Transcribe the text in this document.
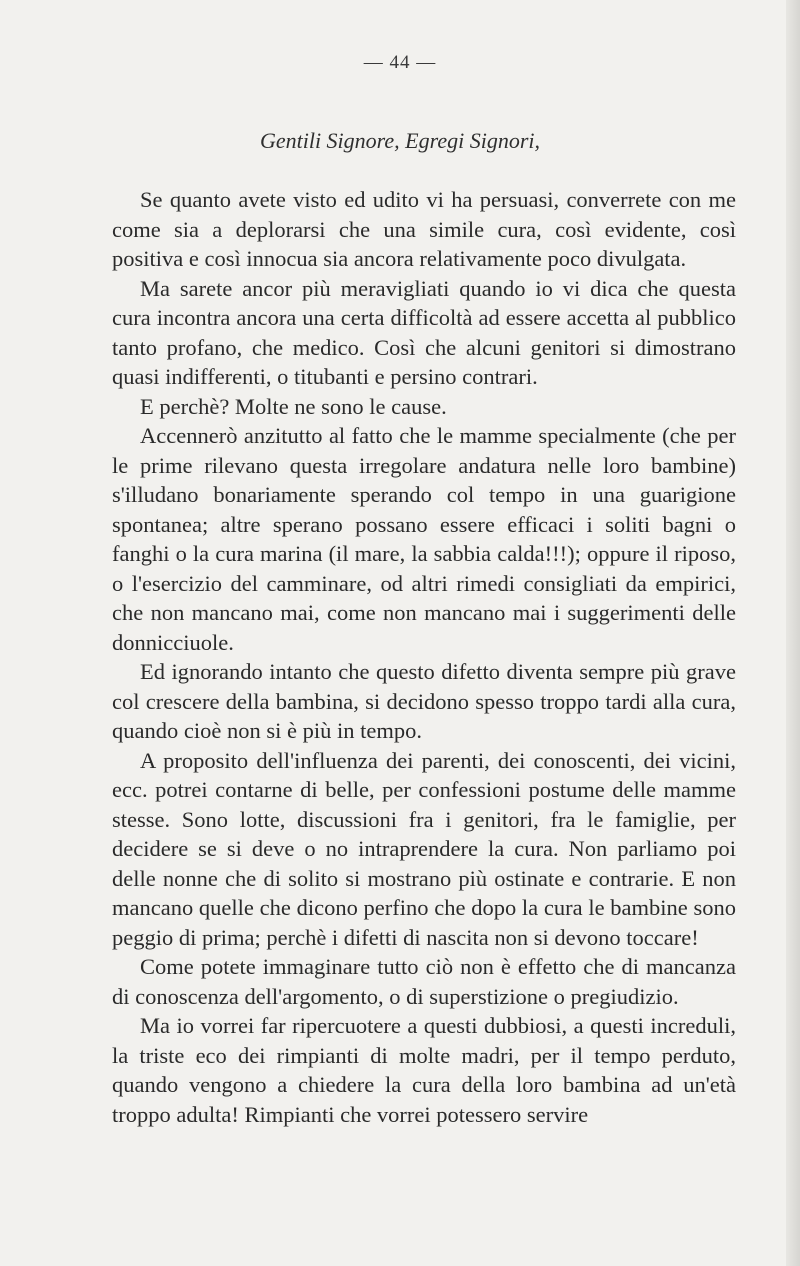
— 44 —
Gentili Signore, Egregi Signori,

Se quanto avete visto ed udito vi ha persuasi, converrete con me come sia a deplorarsi che una simile cura, così evidente, così positiva e così innocua sia ancora relativamente poco divulgata.

Ma sarete ancor più meravigliati quando io vi dica che questa cura incontra ancora una certa difficoltà ad essere accetta al pubblico tanto profano, che medico. Così che alcuni genitori si dimostrano quasi indifferenti, o titubanti e persino contrari.

E perchè? Molte ne sono le cause.

Accennerò anzitutto al fatto che le mamme specialmente (che per le prime rilevano questa irregolare andatura nelle loro bambine) s'illudano bonariamente sperando col tempo in una guarigione spontanea; altre sperano possano essere efficaci i soliti bagni o fanghi o la cura marina (il mare, la sabbia calda!!!); oppure il riposo, o l'esercizio del camminare, od altri rimedi consigliati da empirici, che non mancano mai, come non mancano mai i suggerimenti delle donnicciuole.

Ed ignorando intanto che questo difetto diventa sempre più grave col crescere della bambina, si decidono spesso troppo tardi alla cura, quando cioè non si è più in tempo.

A proposito dell'influenza dei parenti, dei conoscenti, dei vicini, ecc. potrei contarne di belle, per confessioni postume delle mamme stesse. Sono lotte, discussioni fra i genitori, fra le famiglie, per decidere se si deve o no intraprendere la cura. Non parliamo poi delle nonne che di solito si mostrano più ostinate e contrarie. E non mancano quelle che dicono perfino che dopo la cura le bambine sono peggio di prima; perchè i difetti di nascita non si devono toccare!

Come potete immaginare tutto ciò non è effetto che di mancanza di conoscenza dell'argomento, o di superstizione o pregiudizio.

Ma io vorrei far ripercuotere a questi dubbiosi, a questi increduli, la triste eco dei rimpianti di molte madri, per il tempo perduto, quando vengono a chiedere la cura della loro bambina ad un'età troppo adulta! Rimpianti che vorrei potessero servire
